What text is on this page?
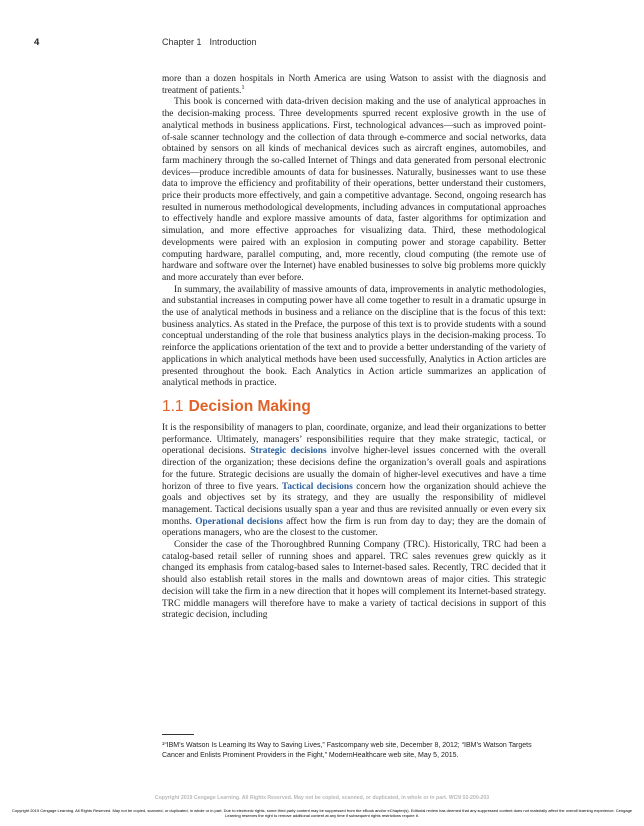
4	Chapter 1 Introduction

more than a dozen hospitals in North America are using Watson to assist with the diagnosis and treatment of patients.$^1$

This book is concerned with data-driven decision making and the use of analytical approaches in the decision-making process. Three developments spurred recent explosive growth in the use of analytical methods in business applications. First, technological advances—such as improved point-of-sale scanner technology and the collection of data through e-commerce and social networks, data obtained by sensors on all kinds of mechanical devices such as aircraft engines, automobiles, and farm machinery through the so-called Internet of Things and data generated from personal electronic devices—produce incredible amounts of data for businesses. Naturally, businesses want to use these data to improve the efficiency and profitability of their operations, better understand their customers, price their products more effectively, and gain a competitive advantage. Second, ongoing research has resulted in numerous methodological developments, including advances in computational approaches to effectively handle and explore massive amounts of data, faster algorithms for optimization and simulation, and more effective approaches for visualizing data. Third, these methodological developments were paired with an explosion in computing power and storage capability. Better computing hardware, parallel computing, and, more recently, cloud computing (the remote use of hardware and software over the Internet) have enabled businesses to solve big problems more quickly and more accurately than ever before.

In summary, the availability of massive amounts of data, improvements in analytic methodologies, and substantial increases in computing power have all come together to result in a dramatic upsurge in the use of analytical methods in business and a reliance on the discipline that is the focus of this text: business analytics. As stated in the Preface, the purpose of this text is to provide students with a sound conceptual understanding of the role that business analytics plays in the decision-making process. To reinforce the applications orientation of the text and to provide a better understanding of the variety of applications in which analytical methods have been used successfully, Analytics in Action articles are presented throughout the book. Each Analytics in Action article summarizes an application of analytical methods in practice.

1.1 Decision Making

It is the responsibility of managers to plan, coordinate, organize, and lead their organizations to better performance. Ultimately, managers’ responsibilities require that they make strategic, tactical, or operational decisions. Strategic decisions involve higher-level issues concerned with the overall direction of the organization; these decisions define the organization’s overall goals and aspirations for the future. Strategic decisions are usually the domain of higher-level executives and have a time horizon of three to five years. Tactical decisions concern how the organization should achieve the goals and objectives set by its strategy, and they are usually the responsibility of midlevel management. Tactical decisions usually span a year and thus are revisited annually or even every six months. Operational decisions affect how the firm is run from day to day; they are the domain of operations managers, who are the closest to the customer.

Consider the case of the Thoroughbred Running Company (TRC). Historically, TRC had been a catalog-based retail seller of running shoes and apparel. TRC sales revenues grew quickly as it changed its emphasis from catalog-based sales to Internet-based sales. Recently, TRC decided that it should also establish retail stores in the malls and downtown areas of major cities. This strategic decision will take the firm in a new direction that it hopes will complement its Internet-based strategy. TRC middle managers will therefore have to make a variety of tactical decisions in support of this strategic decision, including

¹“IBM’s Watson Is Learning Its Way to Saving Lives,” Fastcompany web site, December 8, 2012; “IBM’s Watson Targets Cancer and Enlists Prominent Providers in the Fight,” ModernHealthcare web site, May 5, 2015.
Copyright 2019 Cengage Learning. All Rights Reserved. May not be copied, scanned, or duplicated, in whole or in part. WCN 02-200-203
Copyright 2019 Cengage Learning. All Rights Reserved. May not be copied, scanned, or duplicated, in whole or in part. Due to electronic rights, some third party content may be suppressed from the eBook and/or eChapter(s). Editorial review has deemed that any suppressed content does not materially affect the overall learning experience. Cengage Learning reserves the right to remove additional content at any time if subsequent rights restrictions require it.
